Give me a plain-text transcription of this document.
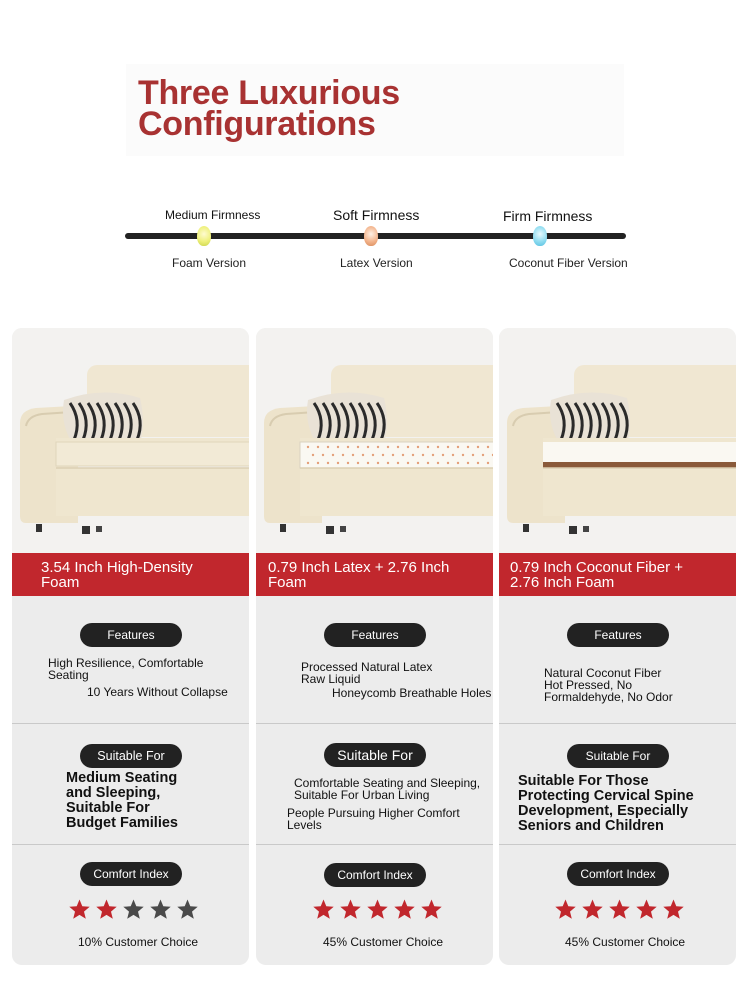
Three Luxurious
Configurations
Medium Firmness	Soft Firmness	Firm Firmness
Foam Version	Latex Version	Coconut Fiber Version
3.54 Inch High-Density
Foam
Features
High Resilience, Comfortable
Seating
10 Years Without Collapse
Suitable For
Medium Seating
and Sleeping,
Suitable For
Budget Families
Comfort Index
10% Customer Choice
0.79 Inch Latex + 2.76 Inch
Foam
Features
Processed Natural Latex
Raw Liquid
Honeycomb Breathable Holes
Suitable For
Comfortable Seating and Sleeping,
Suitable For Urban Living
People Pursuing Higher Comfort Levels
Comfort Index
45% Customer Choice
0.79 Inch Coconut Fiber +
2.76 Inch Foam
Features
Natural Coconut Fiber
Hot Pressed, No
Formaldehyde, No Odor
Suitable For
Suitable For Those
Protecting Cervical Spine
Development, Especially
Seniors and Children
Comfort Index
45% Customer Choice
